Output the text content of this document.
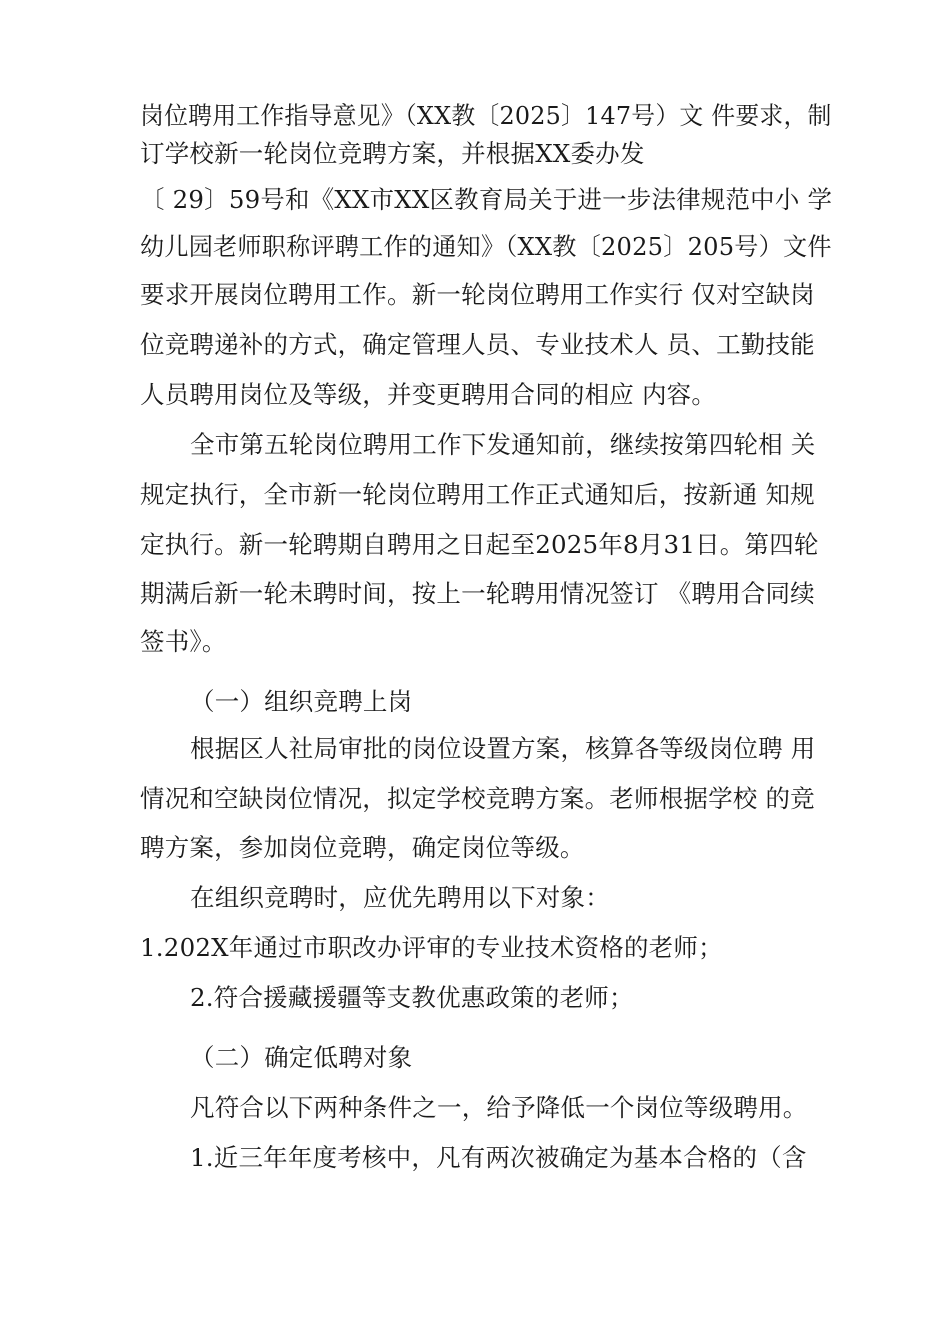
岗位聘用工作指导意见》（XX教〔2025〕147号）文 件要求，制
订学校新一轮岗位竞聘方案，并根据XX委办发
〔 29〕59号和《XX市XX区教育局关于进一步法律规范中小 学
幼儿园老师职称评聘工作的通知》（XX教〔2025〕205号）文件
要求开展岗位聘用工作。新一轮岗位聘用工作实行 仅对空缺岗
位竞聘递补的方式，确定管理人员、专业技术人 员、工勤技能
人员聘用岗位及等级，并变更聘用合同的相应 内容。
全市第五轮岗位聘用工作下发通知前，继续按第四轮相 关
规定执行，全市新一轮岗位聘用工作正式通知后，按新通 知规
定执行。新一轮聘期自聘用之日起至2025年8月31日。第四轮
期满后新一轮未聘时间，按上一轮聘用情况签订 《聘用合同续
签书》。
（一）组织竞聘上岗
根据区人社局审批的岗位设置方案，核算各等级岗位聘 用
情况和空缺岗位情况，拟定学校竞聘方案。老师根据学校 的竞
聘方案，参加岗位竞聘，确定岗位等级。
在组织竞聘时，应优先聘用以下对象：
1.202X年通过市职改办评审的专业技术资格的老师；
2.符合援藏援疆等支教优惠政策的老师；
（二）确定低聘对象
凡符合以下两种条件之一，给予降低一个岗位等级聘用。
1.近三年年度考核中，凡有两次被确定为基本合格的（含
